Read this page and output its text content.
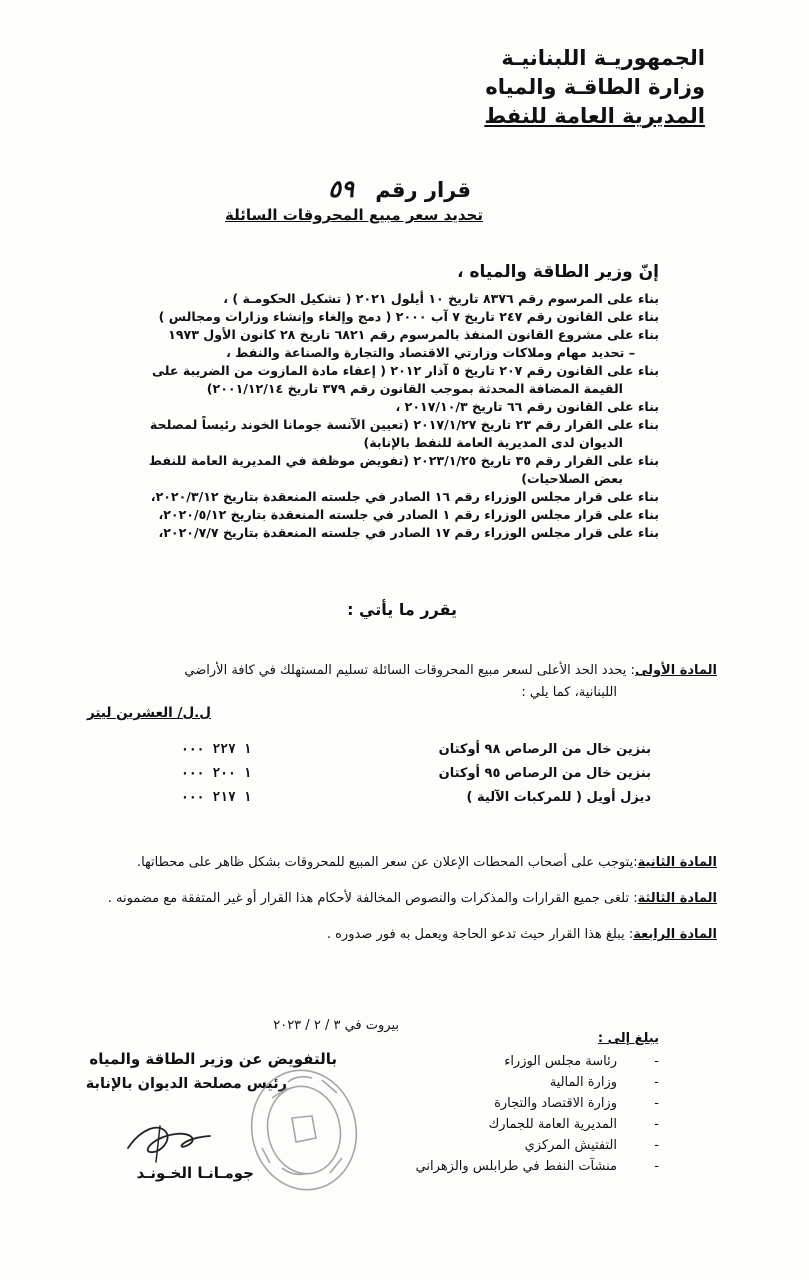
الجمهوريـة اللبنانيـة
وزارة الطاقـة والمياه
المديرية العامة للنفط
قرار رقم ٥٩
تحديد سعر مبيع المحروقات السائلة
إنّ وزير الطاقة والمياه ،
بناء على المرسوم رقم ٨٣٧٦ تاريخ ١٠ أيلول ٢٠٢١ ( تشكيل الحكومـة ) ،
بناء على القانون رقم ٢٤٧ تاريخ ٧ آب ٢٠٠٠ ( دمج وإلغاء وإنشاء وزارات ومجالس )
بناء على مشروع القانون المنفذ بالمرسوم رقم ٦٨٢١ تاريخ ٢٨ كانون الأول ١٩٧٣
– تحديد مهام وملاكات وزارتي الاقتصاد والتجارة والصناعة والنفط ،
بناء على القانون رقم ٢٠٧ تاريخ ٥ آذار ٢٠١٢ ( إعفاء مادة المازوت من الضريبة على
القيمة المضافة المحدثة بموجب القانون رقم ٣٧٩ تاريخ ٢٠٠١/١٢/١٤)
بناء على القانون رقم ٦٦ تاريخ ٢٠١٧/١٠/٣ ،
بناء على القرار رقم ٢٣ تاريخ ٢٠١٧/١/٢٧ (تعيين الآنسة جومانا الخوند رئيساً لمصلحة
الديوان لدى المديرية العامة للنفط بالإنابة)
بناء على القرار رقم ٣٥ تاريخ ٢٠٢٣/١/٢٥ (تفويض موظفة في المديرية العامة للنفط
بعض الصلاحيات)
بناء على قرار مجلس الوزراء رقم ١٦ الصادر في جلسته المنعقدة بتاريخ ٢٠٢٠/٣/١٢،
بناء على قرار مجلس الوزراء رقم ١ الصادر في جلسته المنعقدة بتاريخ ٢٠٢٠/٥/١٢،
بناء على قرار مجلس الوزراء رقم ١٧ الصادر في جلسته المنعقدة بتاريخ ٢٠٢٠/٧/٧،
يقرر ما يأتي :
المادة الأولى: يحدد الحد الأعلى لسعر مبيع المحروقات السائلة تسليم المستهلك في كافة الأراضي
اللبنانية، كما يلي :
ل.ل/ العشرين ليتر
بنزين خال من الرصاص ٩٨ أوكتان
١ ٢٢٧ ٠٠٠
بنزين خال من الرصاص ٩٥ أوكتان
١ ٢٠٠ ٠٠٠
ديزل أويل ( للمركبات الآلية )
١ ٢١٧ ٠٠٠
المادة الثانية:يتوجب على أصحاب المحطات الإعلان عن سعر المبيع للمحروقات بشكل ظاهر على محطاتها.
المادة الثالثة: تلغى جميع القرارات والمذكرات والنصوص المخالفة لأحكام هذا القرار أو غير المتفقة مع مضمونه .
المادة الرابعة: يبلغ هذا القرار حيث تدعو الحاجة ويعمل به فور صدوره .
بيروت في ٣ / ٢ / ٢٠٢٣
يبلغ إلى :
- رئاسة مجلس الوزراء
- وزارة المالية
- وزارة الاقتصاد والتجارة
- المديرية العامة للجمارك
- التفتيش المركزي
- منشآت النفط في طرابلس والزهراني
بالتفويض عن وزير الطاقة والمياه
رئيس مصلحة الديوان بالإنابة
جومـانـا الخـونـد
